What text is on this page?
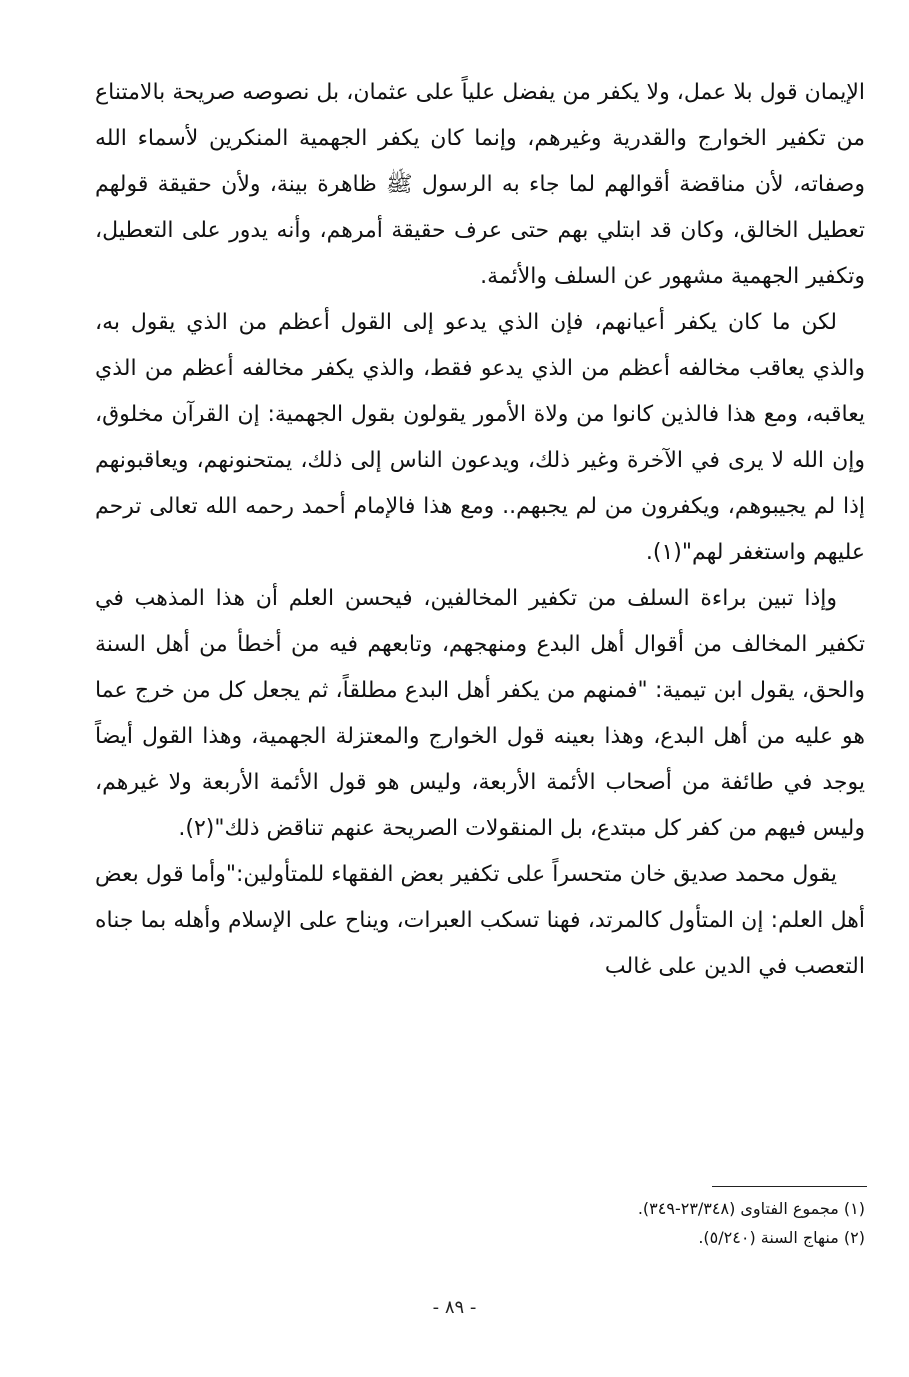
الإيمان قول بلا عمل، ولا يكفر من يفضل علياً على عثمان، بل نصوصه صريحة بالامتناع من تكفير الخوارج والقدرية وغيرهم، وإنما كان يكفر الجهمية المنكرين لأسماء الله وصفاته، لأن مناقضة أقوالهم لما جاء به الرسول ﷺ ظاهرة بينة، ولأن حقيقة قولهم تعطيل الخالق، وكان قد ابتلي بهم حتى عرف حقيقة أمرهم، وأنه يدور على التعطيل، وتكفير الجهمية مشهور عن السلف والأئمة.

لكن ما كان يكفر أعيانهم، فإن الذي يدعو إلى القول أعظم من الذي يقول به، والذي يعاقب مخالفه أعظم من الذي يدعو فقط، والذي يكفر مخالفه أعظم من الذي يعاقبه، ومع هذا فالذين كانوا من ولاة الأمور يقولون بقول الجهمية: إن القرآن مخلوق، وإن الله لا يرى في الآخرة وغير ذلك، ويدعون الناس إلى ذلك، يمتحنونهم، ويعاقبونهم إذا لم يجيبوهم، ويكفرون من لم يجبهم.. ومع هذا فالإمام أحمد رحمه الله تعالى ترحم عليهم واستغفر لهم"(١).

وإذا تبين براءة السلف من تكفير المخالفين، فيحسن العلم أن هذا المذهب في تكفير المخالف من أقوال أهل البدع ومنهجهم، وتابعهم فيه من أخطأ من أهل السنة والحق، يقول ابن تيمية: "فمنهم من يكفر أهل البدع مطلقاً، ثم يجعل كل من خرج عما هو عليه من أهل البدع، وهذا بعينه قول الخوارج والمعتزلة الجهمية، وهذا القول أيضاً يوجد في طائفة من أصحاب الأئمة الأربعة، وليس هو قول الأئمة الأربعة ولا غيرهم، وليس فيهم من كفر كل مبتدع، بل المنقولات الصريحة عنهم تناقض ذلك"(٢).

يقول محمد صديق خان متحسراً على تكفير بعض الفقهاء للمتأولين:"وأما قول بعض أهل العلم: إن المتأول كالمرتد، فهنا تسكب العبرات، ويناح على الإسلام وأهله بما جناه التعصب في الدين على غالب

(١) مجموع الفتاوى (٢٣/٣٤٨-٣٤٩).
(٢) منهاج السنة (٥/٢٤٠).
- ٨٩ -
